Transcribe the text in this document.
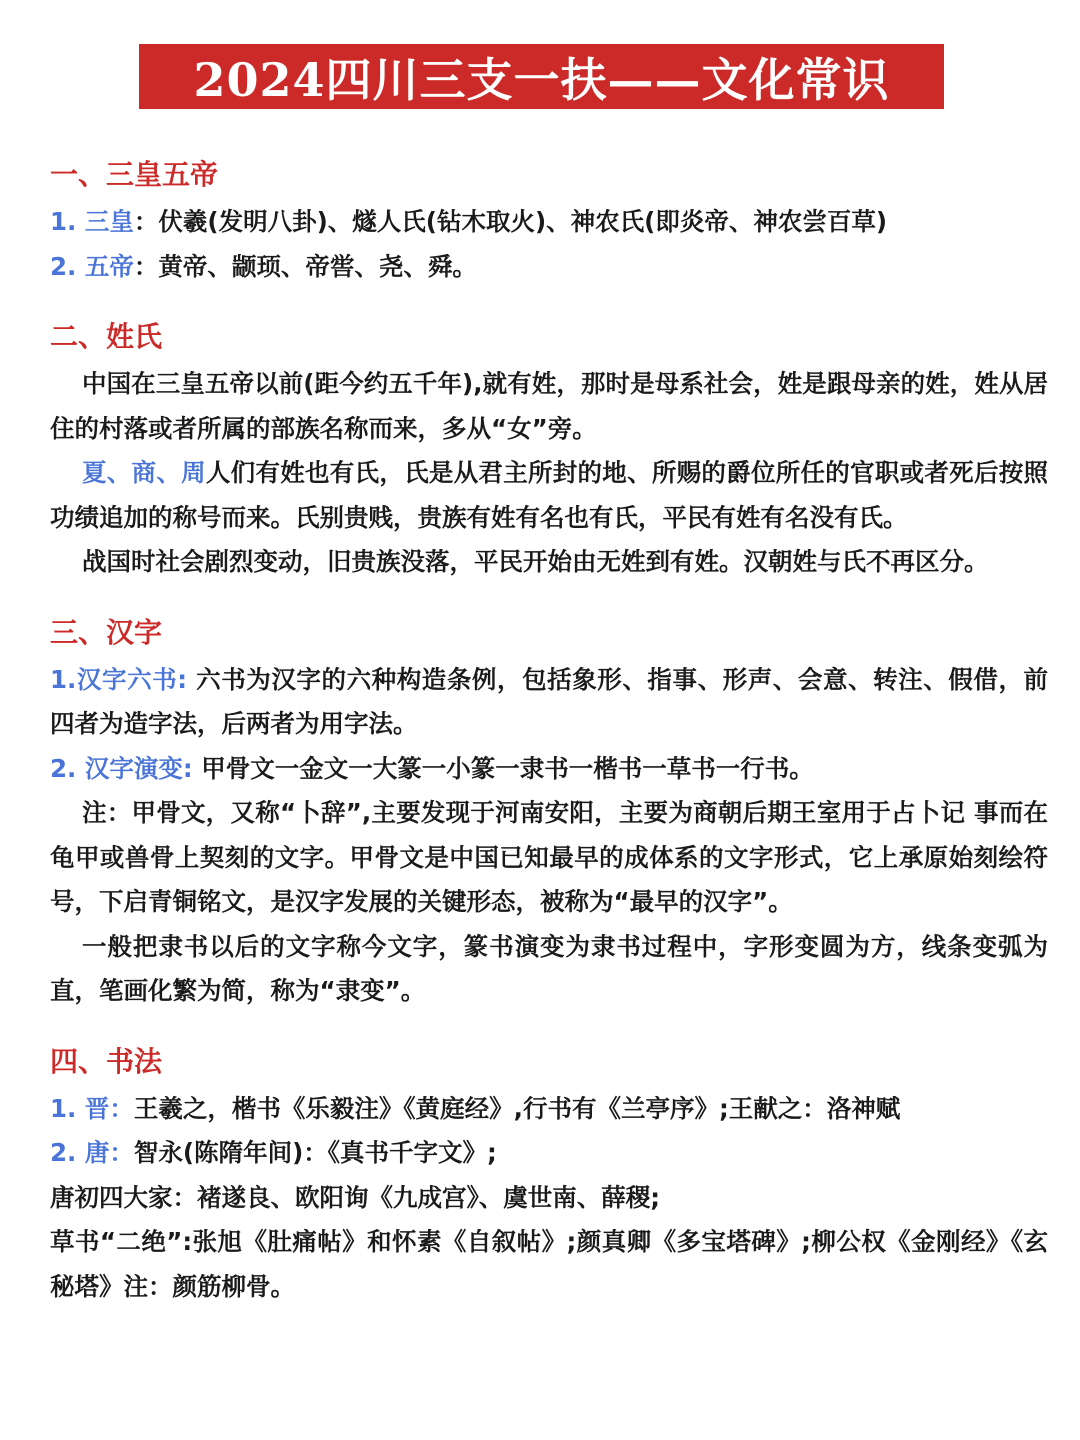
2024四川三支一扶——文化常识
一、三皇五帝

1. 三皇：伏羲(发明八卦)、燧人氏(钻木取火)、神农氏(即炎帝、神农尝百草)

2. 五帝：黄帝、颛顼、帝喾、尧、舜。

二、姓氏

中国在三皇五帝以前(距今约五千年),就有姓，那时是母系社会，姓是跟母亲的姓，姓从居住的村落或者所属的部族名称而来，多从“女”旁。

夏、商、周人们有姓也有氏，氏是从君主所封的地、所赐的爵位所任的官职或者死后按照功绩追加的称号而来。氏别贵贱，贵族有姓有名也有氏，平民有姓有名没有氏。

战国时社会剧烈变动，旧贵族没落，平民开始由无姓到有姓。汉朝姓与氏不再区分。

三、汉字

1.汉字六书: 六书为汉字的六种构造条例，包括象形、指事、形声、会意、转注、假借，前四者为造字法，后两者为用字法。

2. 汉字演变: 甲骨文一金文一大篆一小篆一隶书一楷书一草书一行书。

注：甲骨文，又称“卜辞”,主要发现于河南安阳，主要为商朝后期王室用于占卜记 事而在龟甲或兽骨上契刻的文字。甲骨文是中国已知最早的成体系的文字形式，它上承原始刻绘符号，下启青铜铭文，是汉字发展的关键形态，被称为“最早的汉字”。

一般把隶书以后的文字称今文字，篆书演变为隶书过程中，字形变圆为方，线条变弧为直，笔画化繁为简，称为“隶变”。

四、书法

1. 晋：王羲之，楷书《乐毅注》《黄庭经》,行书有《兰亭序》;王献之：洛神赋

2. 唐：智永(陈隋年间)：《真书千字文》;

唐初四大家：褚遂良、欧阳询《九成宫》、虞世南、薛稷;

草书“二绝”:张旭《肚痛帖》和怀素《自叙帖》;颜真卿《多宝塔碑》;柳公权《金刚经》《玄秘塔》注：颜筋柳骨。
